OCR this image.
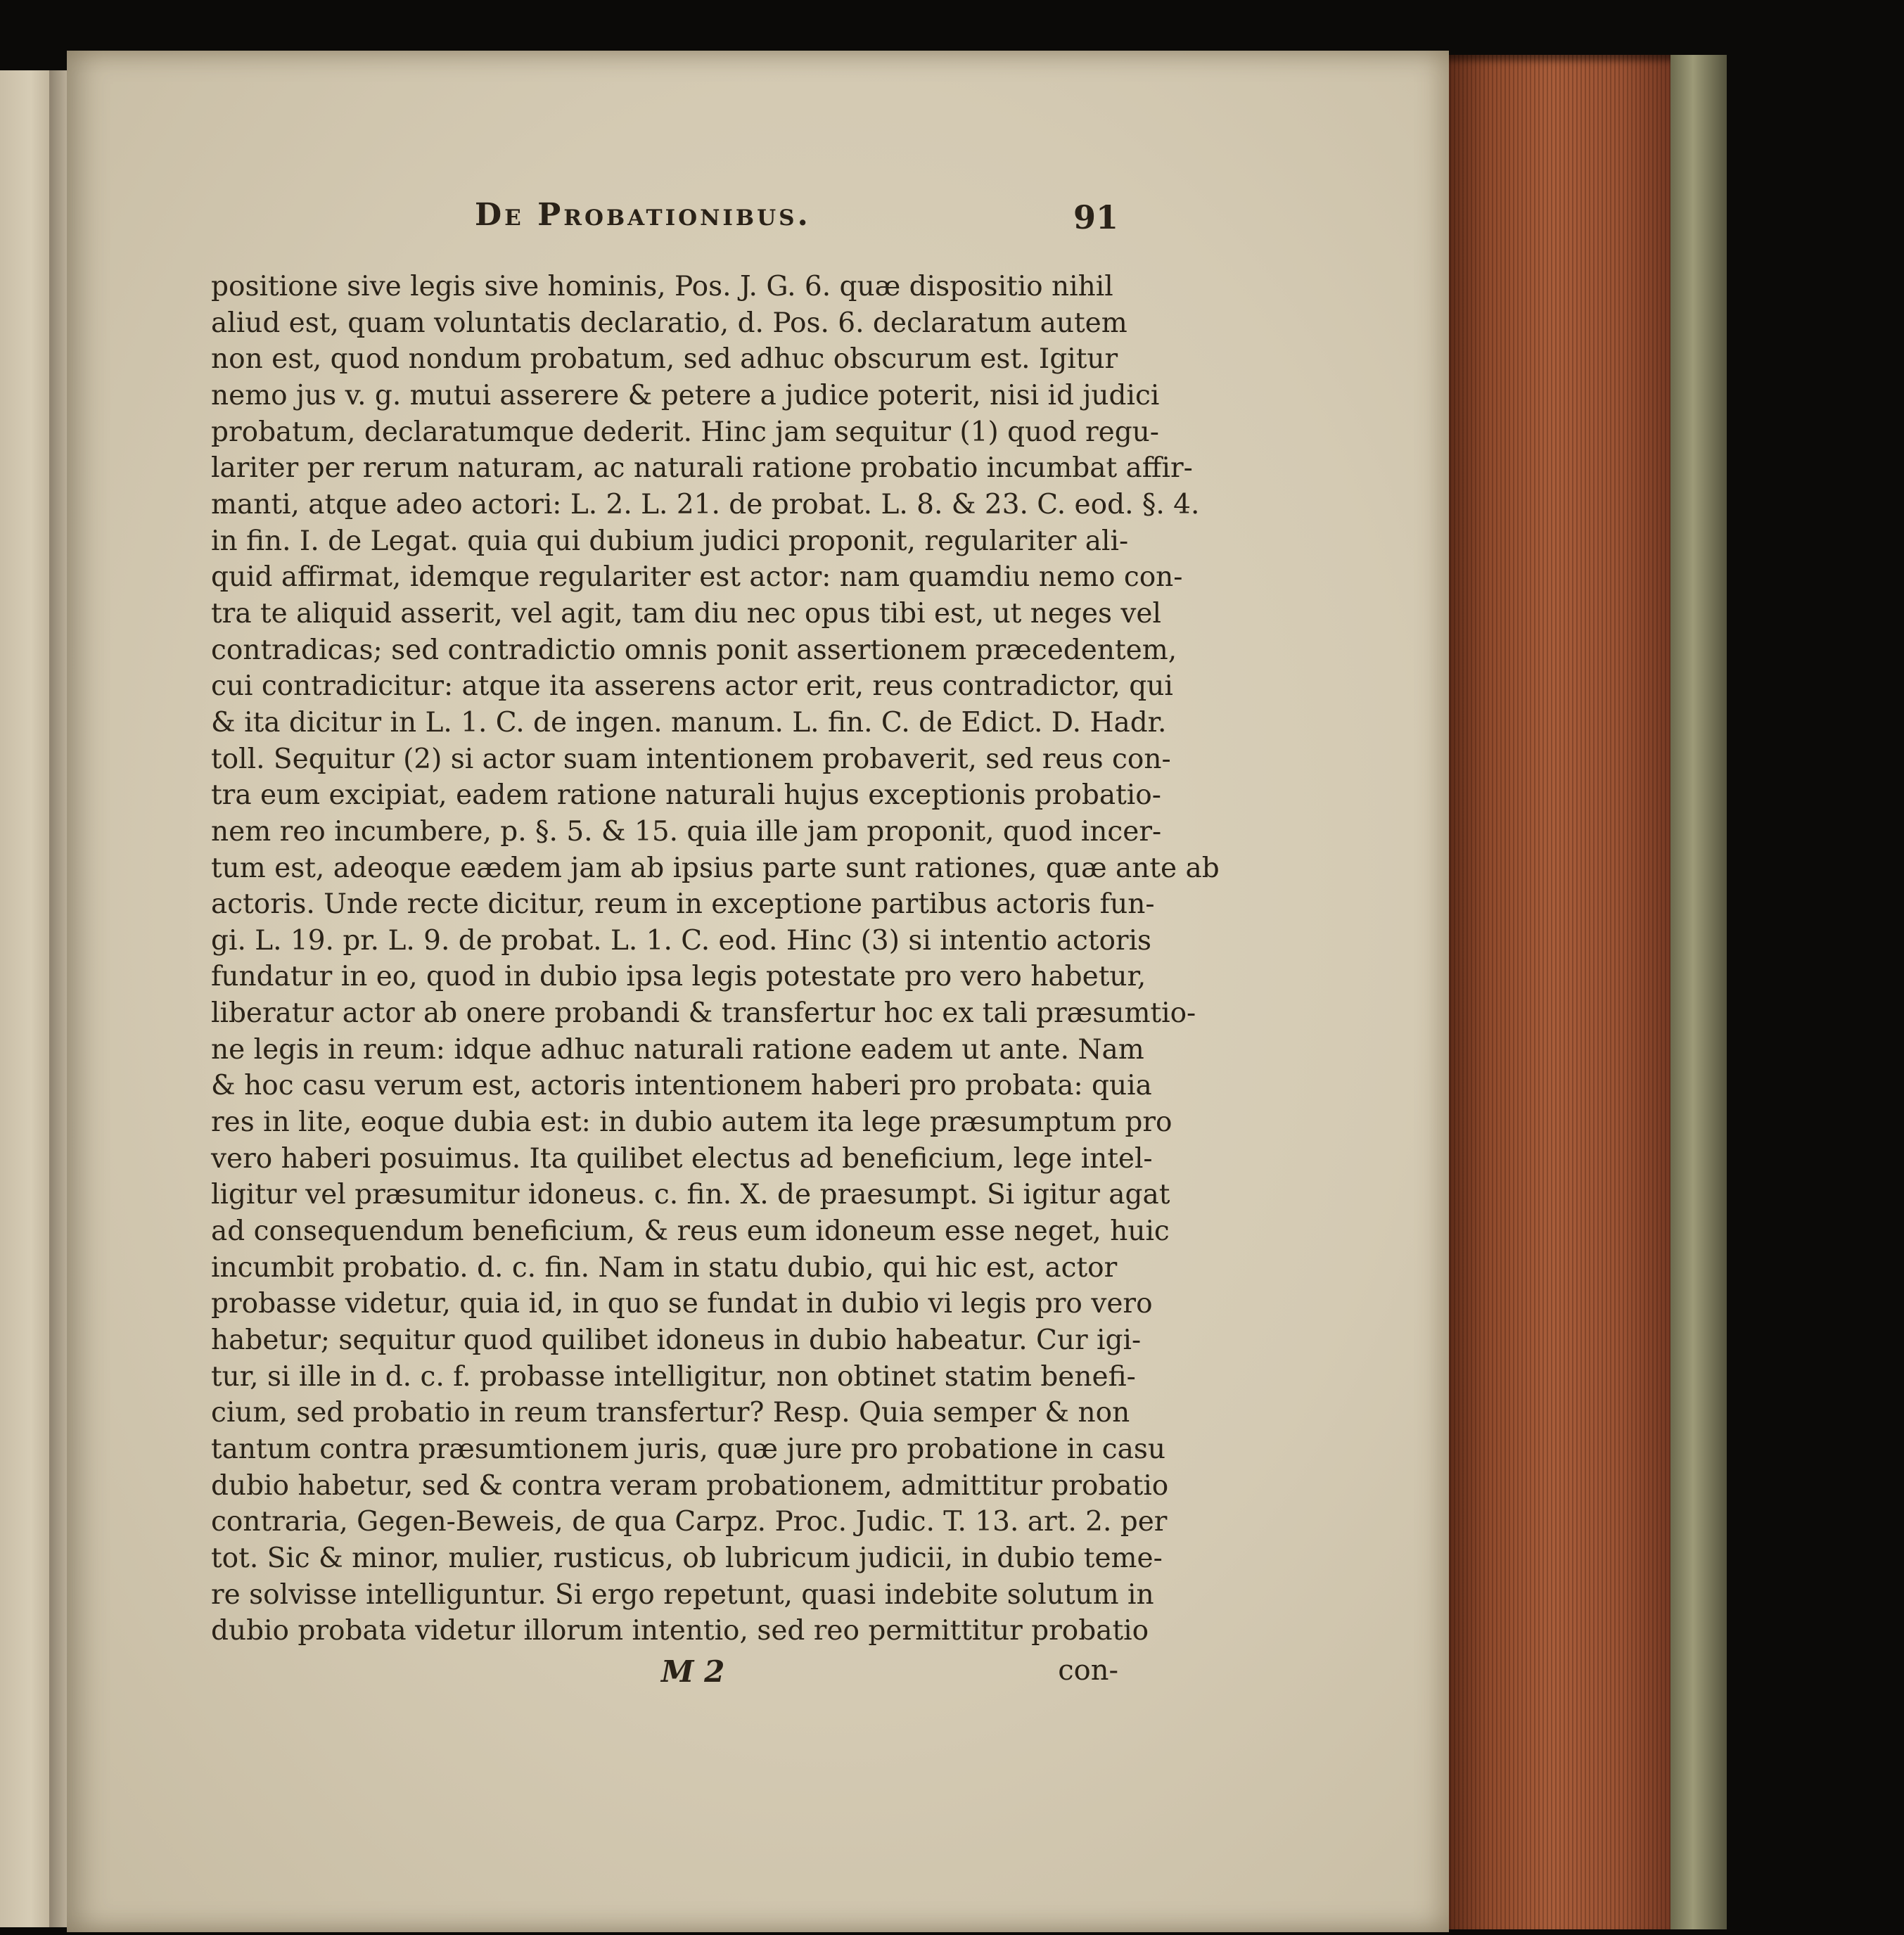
De Probationibus.	91
positione sive legis sive hominis, Pos. J. G. 6. quæ dispositio nihil
aliud est, quam voluntatis declaratio, d. Pos. 6. declaratum autem
non est, quod nondum probatum, sed adhuc obscurum est. Igitur
nemo jus v. g. mutui asserere & petere a judice poterit, nisi id judici
probatum, declaratumque dederit. Hinc jam sequitur (1) quod regu-
lariter per rerum naturam, ac naturali ratione probatio incumbat affir-
manti, atque adeo actori: L. 2. L. 21. de probat. L. 8. & 23. C. eod. §. 4.
in fin. I. de Legat. quia qui dubium judici proponit, regulariter ali-
quid affirmat, idemque regulariter est actor: nam quamdiu nemo con-
tra te aliquid asserit, vel agit, tam diu nec opus tibi est, ut neges vel
contradicas; sed contradictio omnis ponit assertionem præcedentem,
cui contradicitur: atque ita asserens actor erit, reus contradictor, qui
& ita dicitur in L. 1. C. de ingen. manum. L. fin. C. de Edict. D. Hadr.
toll. Sequitur (2) si actor suam intentionem probaverit, sed reus con-
tra eum excipiat, eadem ratione naturali hujus exceptionis probatio-
nem reo incumbere, p. §. 5. & 15. quia ille jam proponit, quod incer-
tum est, adeoque eædem jam ab ipsius parte sunt rationes, quæ ante ab
actoris. Unde recte dicitur, reum in exceptione partibus actoris fun-
gi. L. 19. pr. L. 9. de probat. L. 1. C. eod. Hinc (3) si intentio actoris
fundatur in eo, quod in dubio ipsa legis potestate pro vero habetur,
liberatur actor ab onere probandi & transfertur hoc ex tali præsumtio-
ne legis in reum: idque adhuc naturali ratione eadem ut ante. Nam
& hoc casu verum est, actoris intentionem haberi pro probata: quia
res in lite, eoque dubia est: in dubio autem ita lege præsumptum pro
vero haberi posuimus. Ita quilibet electus ad beneficium, lege intel-
ligitur vel præsumitur idoneus. c. fin. X. de praesumpt. Si igitur agat
ad consequendum beneficium, & reus eum idoneum esse neget, huic
incumbit probatio. d. c. fin. Nam in statu dubio, qui hic est, actor
probasse videtur, quia id, in quo se fundat in dubio vi legis pro vero
habetur; sequitur quod quilibet idoneus in dubio habeatur. Cur igi-
tur, si ille in d. c. f. probasse intelligitur, non obtinet statim benefi-
cium, sed probatio in reum transfertur? Resp. Quia semper & non
tantum contra præsumtionem juris, quæ jure pro probatione in casu
dubio habetur, sed & contra veram probationem, admittitur probatio
contraria, Gegen-Beweis, de qua Carpz. Proc. Judic. T. 13. art. 2. per
tot. Sic & minor, mulier, rusticus, ob lubricum judicii, in dubio teme-
re solvisse intelliguntur. Si ergo repetunt, quasi indebite solutum in
dubio probata videtur illorum intentio, sed reo permittitur probatio
M 2	con-
